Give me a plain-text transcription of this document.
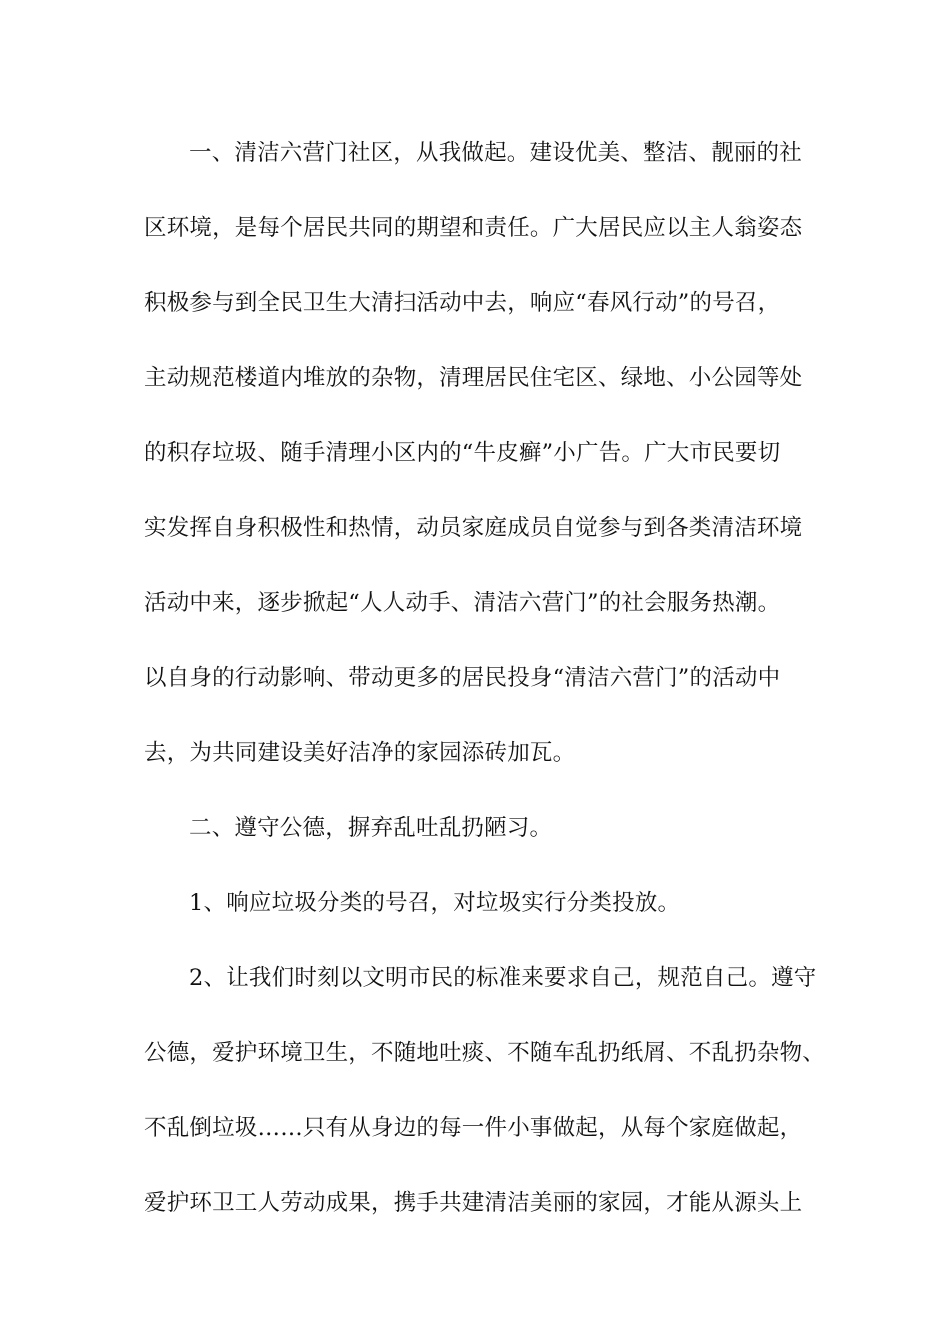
一、清洁六营门社区，从我做起。建设优美、整洁、靓丽的社
区环境，是每个居民共同的期望和责任。广大居民应以主人翁姿态
积极参与到全民卫生大清扫活动中去，响应“春风行动”的号召，
主动规范楼道内堆放的杂物，清理居民住宅区、绿地、小公园等处
的积存垃圾、随手清理小区内的“牛皮癣”小广告。广大市民要切
实发挥自身积极性和热情，动员家庭成员自觉参与到各类清洁环境
活动中来，逐步掀起“人人动手、清洁六营门”的社会服务热潮。
以自身的行动影响、带动更多的居民投身“清洁六营门”的活动中
去，为共同建设美好洁净的家园添砖加瓦。
二、遵守公德，摒弃乱吐乱扔陋习。
1、响应垃圾分类的号召，对垃圾实行分类投放。
2、让我们时刻以文明市民的标准来要求自己，规范自己。遵守
公德，爱护环境卫生，不随地吐痰、不随车乱扔纸屑、不乱扔杂物、
不乱倒垃圾……只有从身边的每一件小事做起，从每个家庭做起，
爱护环卫工人劳动成果，携手共建清洁美丽的家园，才能从源头上
